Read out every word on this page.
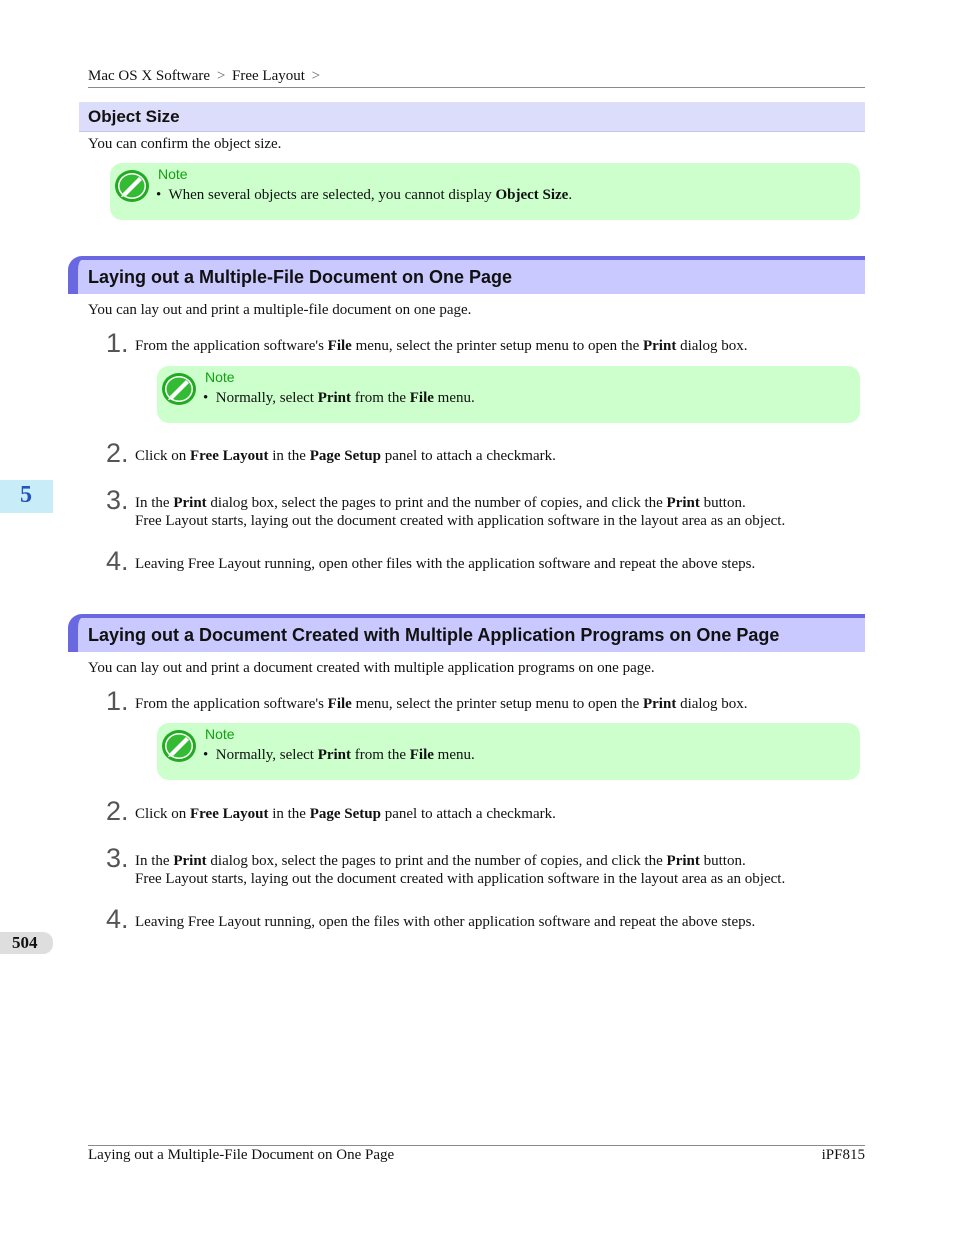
Mac OS X Software > Free Layout >
Object Size
You can confirm the object size.
Note
•  When several objects are selected, you cannot display Object Size.
Laying out a Multiple-File Document on One Page
You can lay out and print a multiple-file document on one page.
1. From the application software's File menu, select the printer setup menu to open the Print dialog box.
Note
•  Normally, select Print from the File menu.
2. Click on Free Layout in the Page Setup panel to attach a checkmark.
3. In the Print dialog box, select the pages to print and the number of copies, and click the Print button.
Free Layout starts, laying out the document created with application software in the layout area as an object.
4. Leaving Free Layout running, open other files with the application software and repeat the above steps.
Laying out a Document Created with Multiple Application Programs on One Page
You can lay out and print a document created with multiple application programs on one page.
1. From the application software's File menu, select the printer setup menu to open the Print dialog box.
Note
•  Normally, select Print from the File menu.
2. Click on Free Layout in the Page Setup panel to attach a checkmark.
3. In the Print dialog box, select the pages to print and the number of copies, and click the Print button.
Free Layout starts, laying out the document created with application software in the layout area as an object.
4. Leaving Free Layout running, open the files with other application software and repeat the above steps.
5
504
Laying out a Multiple-File Document on One Page	iPF815
